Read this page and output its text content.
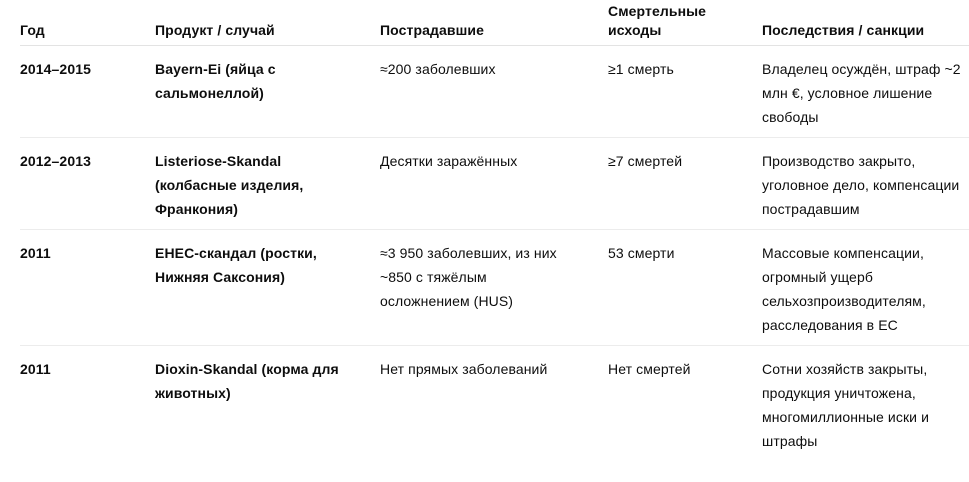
Год	Продукт / случай	Пострадавшие	Смертельные исходы	Последствия / санкции
2014–2015	Bayern-Ei (яйца с сальмонеллой)	≈200 заболевших	≥1 смерть	Владелец осуждён, штраф ~2 млн €, условное лишение свободы
2012–2013	Listeriose-Skandal (колбасные изделия, Франкония)	Десятки заражённых	≥7 смертей	Производство закрыто, уголовное дело, компенсации пострадавшим
2011	EHEC-скандал (ростки, Нижняя Саксония)	≈3 950 заболевших, из них ~850 с тяжёлым осложнением (HUS)	53 смерти	Массовые компенсации, огромный ущерб сельхозпроизводителям, расследования в ЕС
2011	Dioxin-Skandal (корма для животных)	Нет прямых заболеваний	Нет смертей	Сотни хозяйств закрыты, продукция уничтожена, многомиллионные иски и штрафы
